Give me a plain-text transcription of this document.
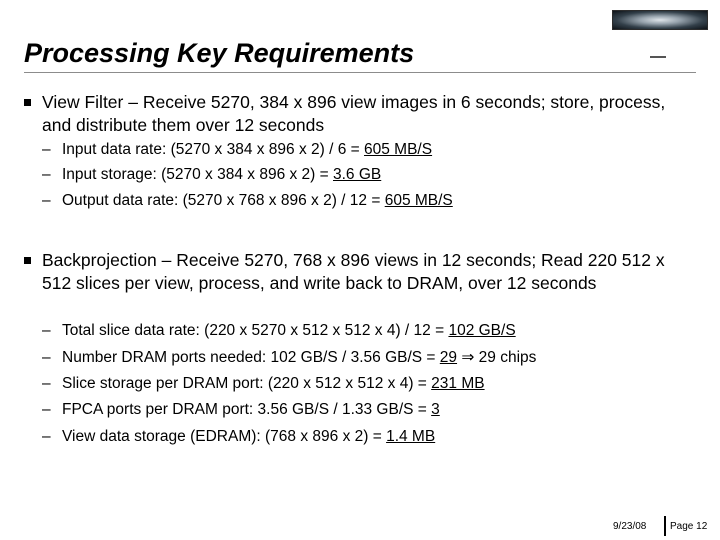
Processing Key Requirements
View Filter – Receive 5270, 384 x 896 view images in 6 seconds; store, process, and distribute them over 12 seconds
– Input data rate: (5270 x 384 x 896 x 2) / 6 = 605 MB/S
– Input storage: (5270 x 384 x 896 x 2) = 3.6 GB
– Output data rate: (5270 x 768 x 896 x 2) / 12 = 605 MB/S
Backprojection – Receive 5270, 768 x 896 views in 12 seconds; Read 220 512 x 512 slices per view, process, and write back to DRAM, over 12 seconds
– Total slice data rate: (220 x 5270 x 512 x 512 x 4) / 12 = 102 GB/S
– Number DRAM ports needed: 102 GB/S / 3.56 GB/S = 29 ⇒ 29 chips
– Slice storage per DRAM port: (220 x 512 x 512 x 4) = 231 MB
– FPCA ports per DRAM port: 3.56 GB/S / 1.33 GB/S = 3
– View data storage (EDRAM): (768 x 896 x 2) = 1.4 MB
9/23/08 Page 12
